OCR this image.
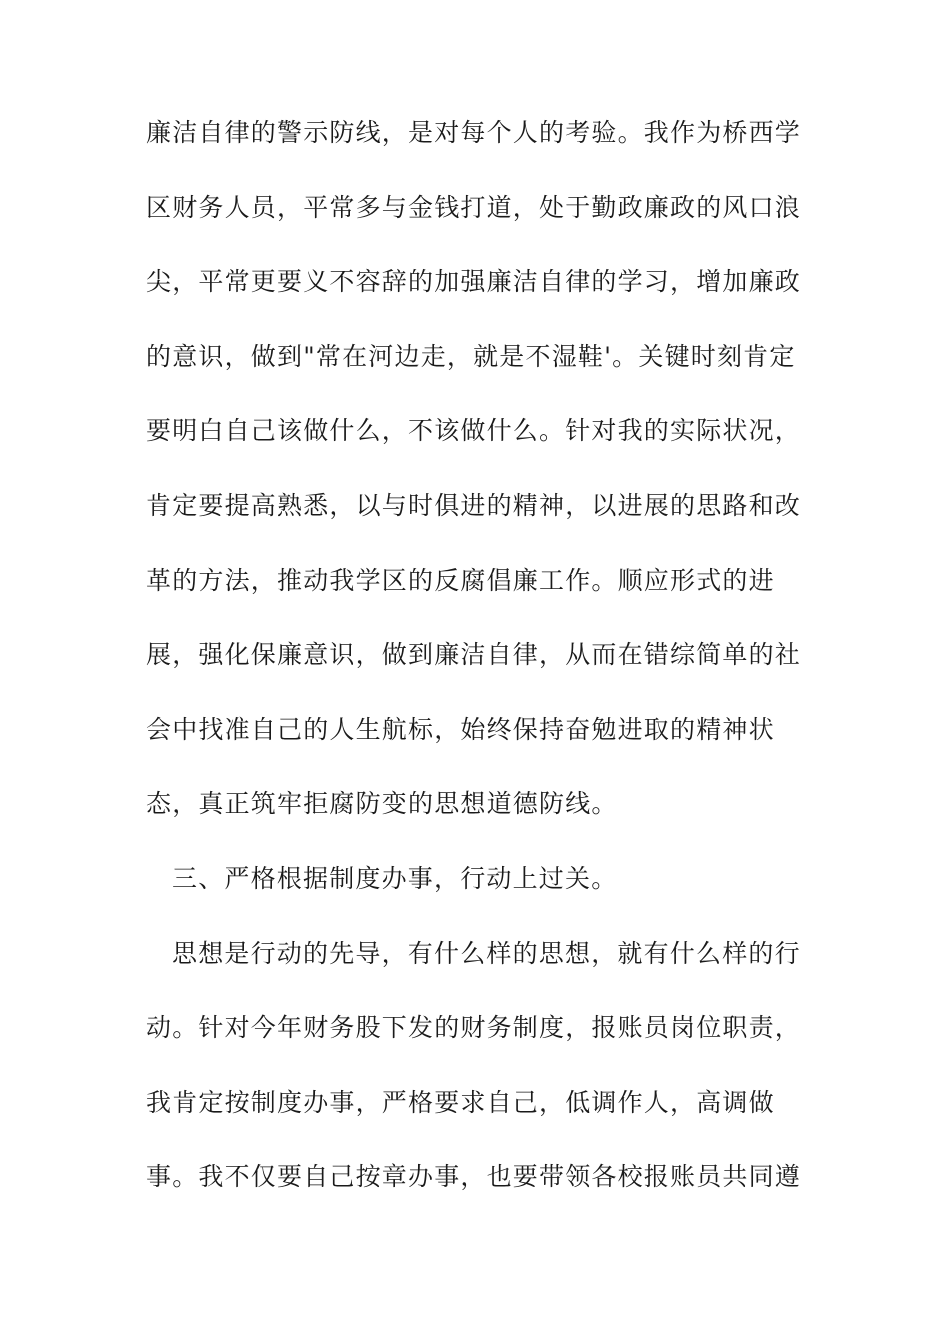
廉洁自律的警示防线，是对每个人的考验。我作为桥西学
区财务人员，平常多与金钱打道，处于勤政廉政的风口浪
尖，平常更要义不容辞的加强廉洁自律的学习，增加廉政
的意识，做到"常在河边走，就是不湿鞋'。关键时刻肯定
要明白自己该做什么，不该做什么。针对我的实际状况，
肯定要提高熟悉，以与时俱进的精神，以进展的思路和改
革的方法，推动我学区的反腐倡廉工作。顺应形式的进
展，强化保廉意识，做到廉洁自律，从而在错综简单的社
会中找准自己的人生航标，始终保持奋勉进取的精神状
态，真正筑牢拒腐防变的思想道德防线。
三、严格根据制度办事，行动上过关。
思想是行动的先导，有什么样的思想，就有什么样的行
动。针对今年财务股下发的财务制度，报账员岗位职责，
我肯定按制度办事，严格要求自己，低调作人，高调做
事。我不仅要自己按章办事，也要带领各校报账员共同遵
